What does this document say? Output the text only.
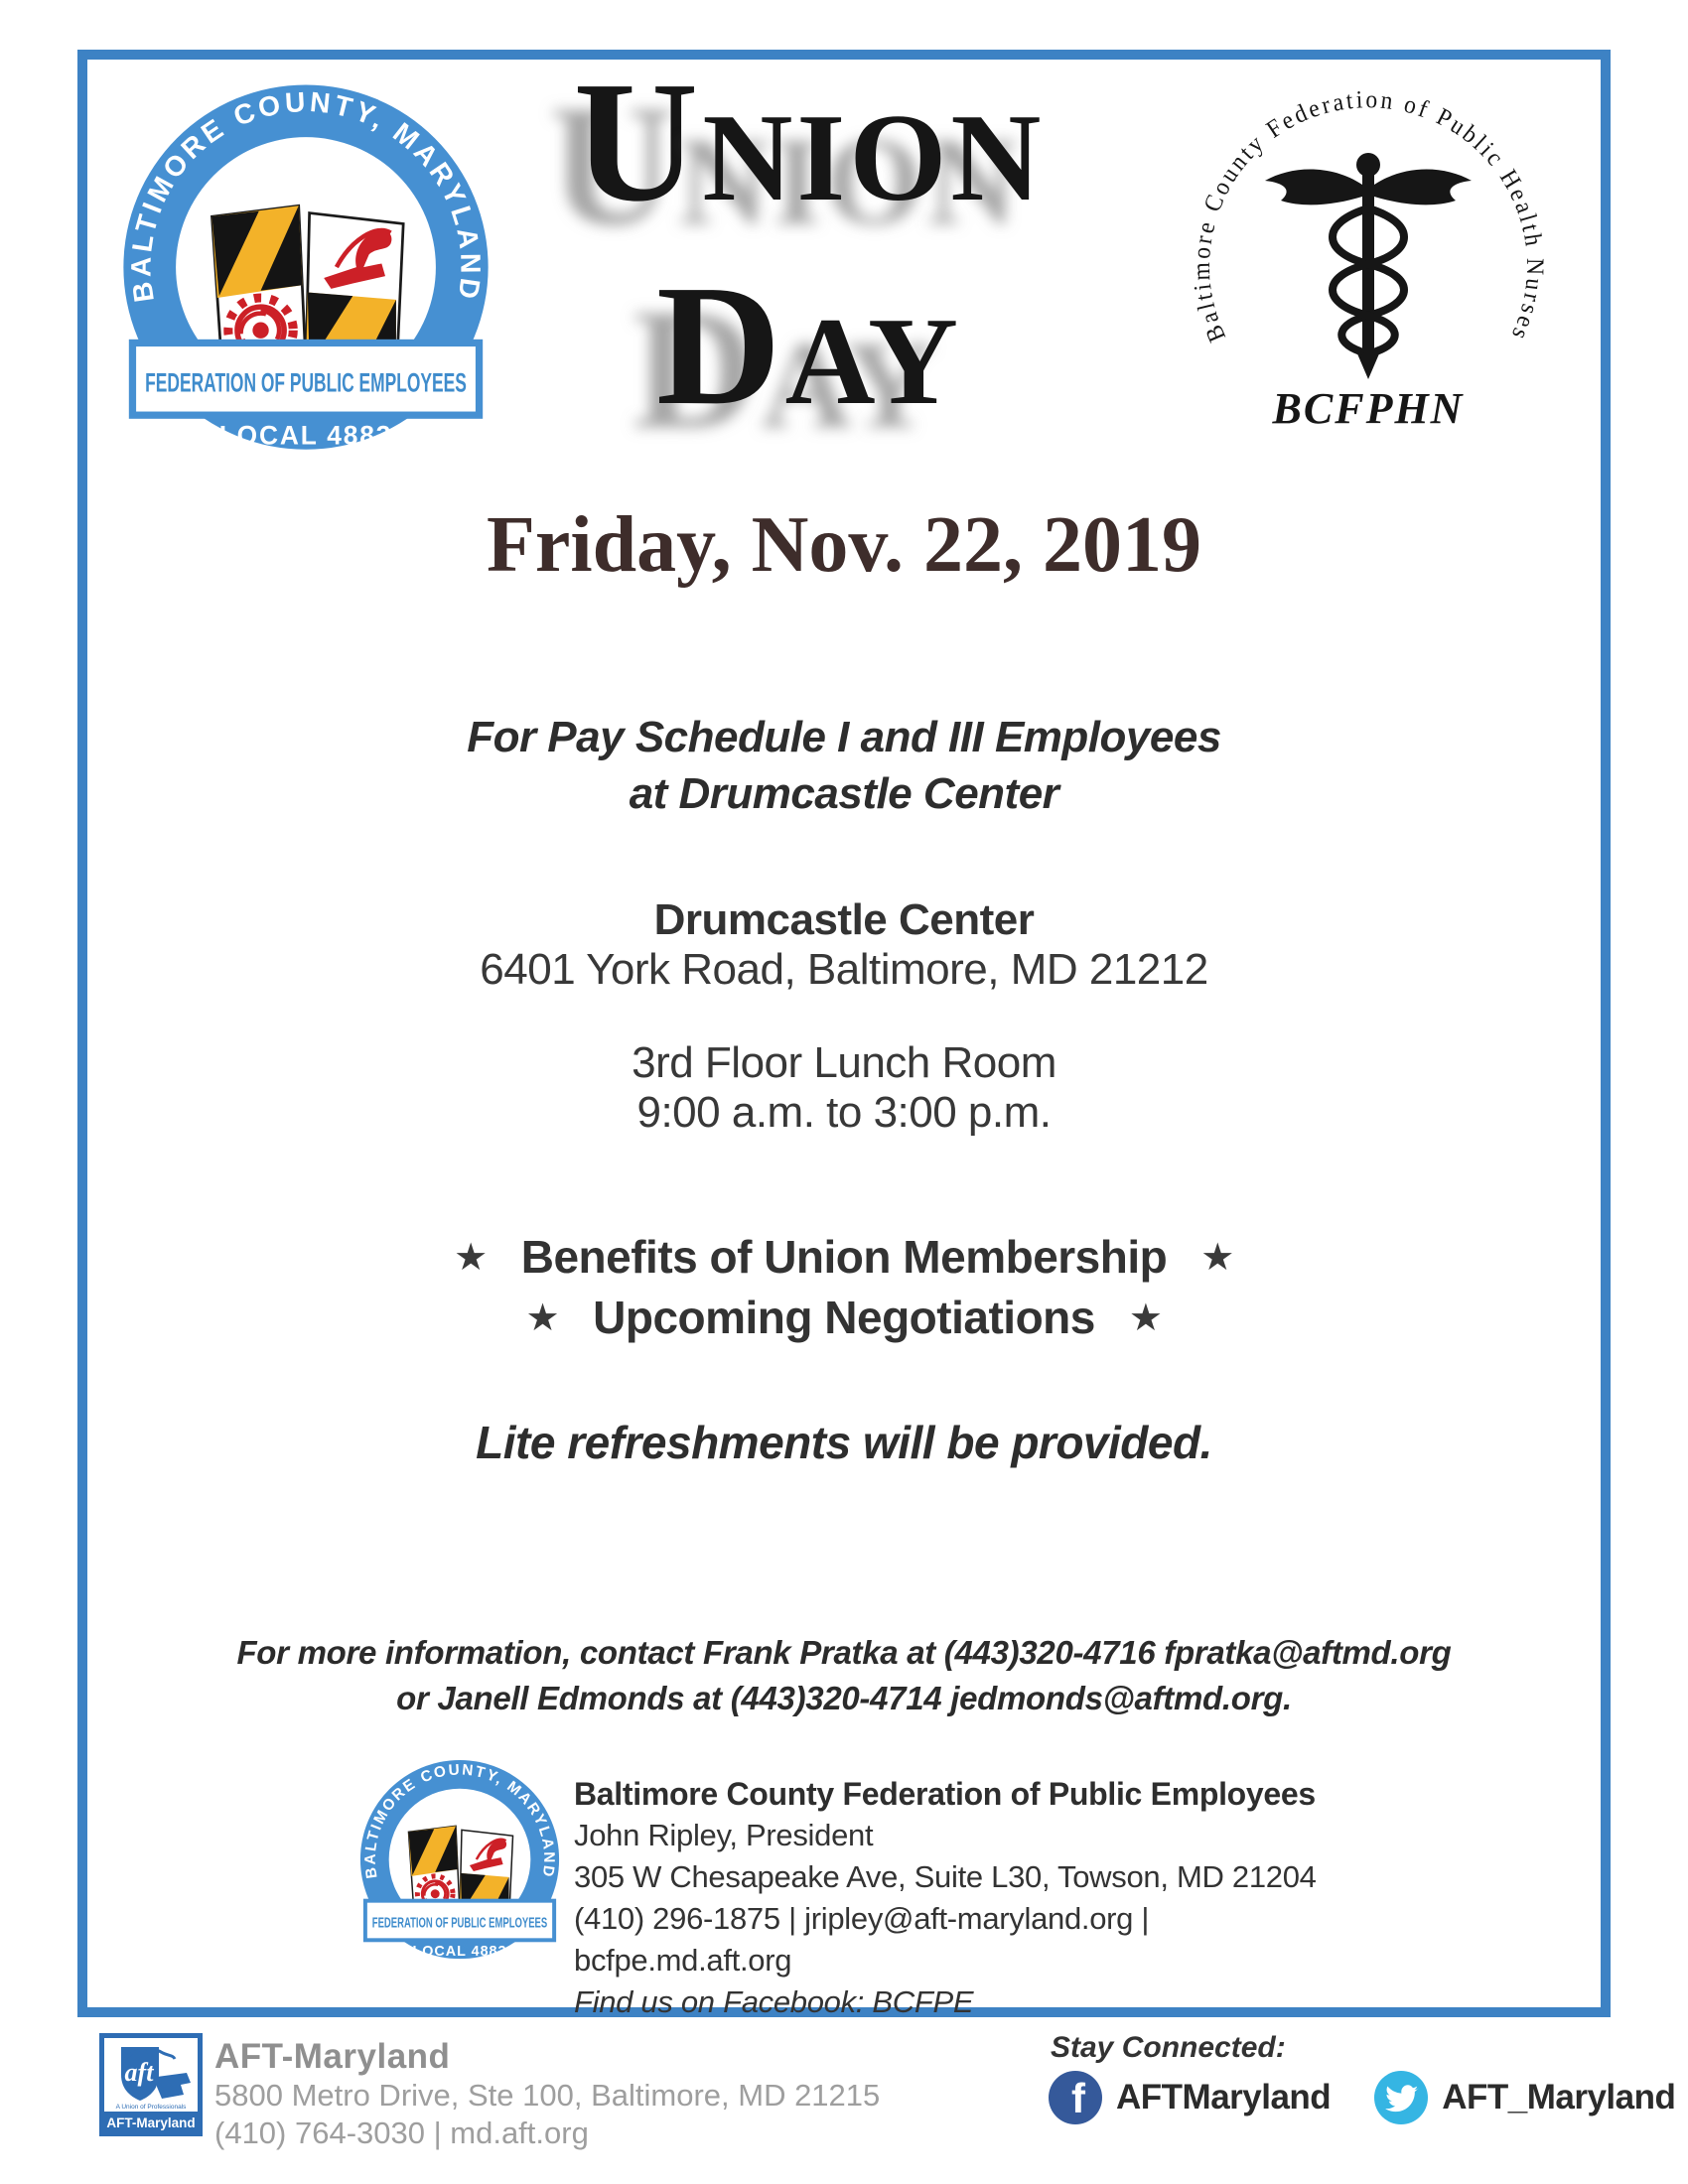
UNION
DAY	Baltimore County Federation of Public Health Nurses
BCFPHN
Friday, Nov. 22, 2019
For Pay Schedule I and III Employees
at Drumcastle Center
Drumcastle Center
6401 York Road, Baltimore, MD 21212
3rd Floor Lunch Room
9:00 a.m. to 3:00 p.m.
★ Benefits of Union Membership ★
★ Upcoming Negotiations ★
Lite refreshments will be provided.
For more information, contact Frank Pratka at (443)320-4716 fpratka@aftmd.org
or Janell Edmonds at (443)320-4714 jedmonds@aftmd.org.
Baltimore County Federation of Public Employees
John Ripley, President
305 W Chesapeake Ave, Suite L30, Towson, MD 21204
(410) 296-1875 | jripley@aft-maryland.org | bcfpe.md.aft.org
Find us on Facebook: BCFPE
aft
A Union of Professionals
AFT-Maryland
AFT-Maryland
5800 Metro Drive, Ste 100, Baltimore, MD 21215
(410) 764-3030 | md.aft.org
Stay Connected:
f AFTMaryland	AFT_Maryland
